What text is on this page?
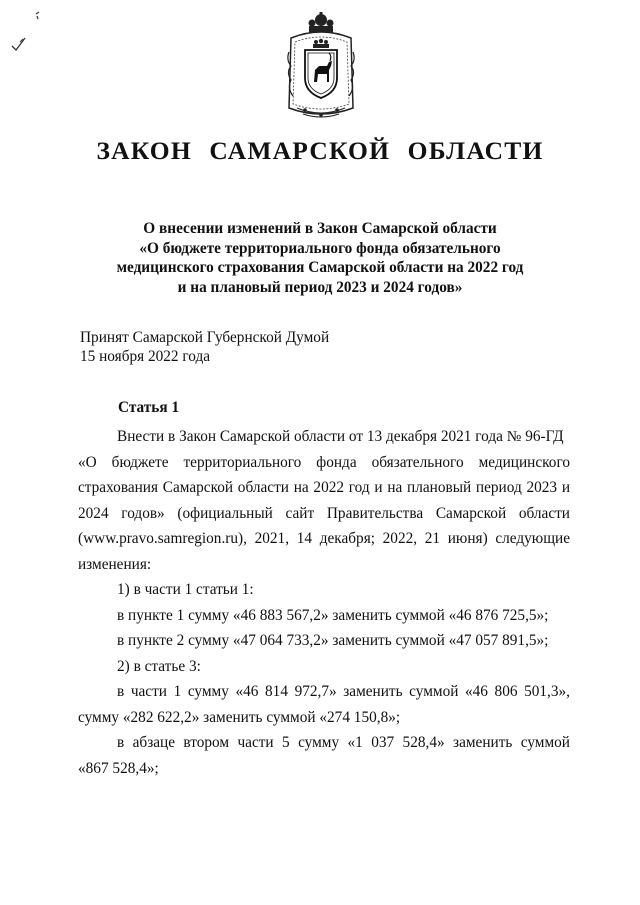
ЗАКОН САМАРСКОЙ ОБЛАСТИ
О внесении изменений в Закон Самарской области
«О бюджете территориального фонда обязательного
медицинского страхования Самарской области на 2022 год
и на плановый период 2023 и 2024 годов»
Принят Самарской Губернской Думой
15 ноября 2022 года
Статья 1
Внести в Закон Самарской области от 13 декабря 2021 года № 96-ГД
«О бюджете территориального фонда обязательного медицинского
страхования Самарской области на 2022 год и на плановый период 2023 и
2024 годов» (официальный сайт Правительства Самарской области
(www.pravo.samregion.ru), 2021, 14 декабря; 2022, 21 июня) следующие
изменения:
1) в части 1 статьи 1:
в пункте 1 сумму «46 883 567,2» заменить суммой «46 876 725,5»;
в пункте 2 сумму «47 064 733,2» заменить суммой «47 057 891,5»;
2) в статье 3:
в части 1 сумму «46 814 972,7» заменить суммой «46 806 501,3»,
сумму «282 622,2» заменить суммой «274 150,8»;
в абзаце втором части 5 сумму «1 037 528,4» заменить суммой
«867 528,4»;
